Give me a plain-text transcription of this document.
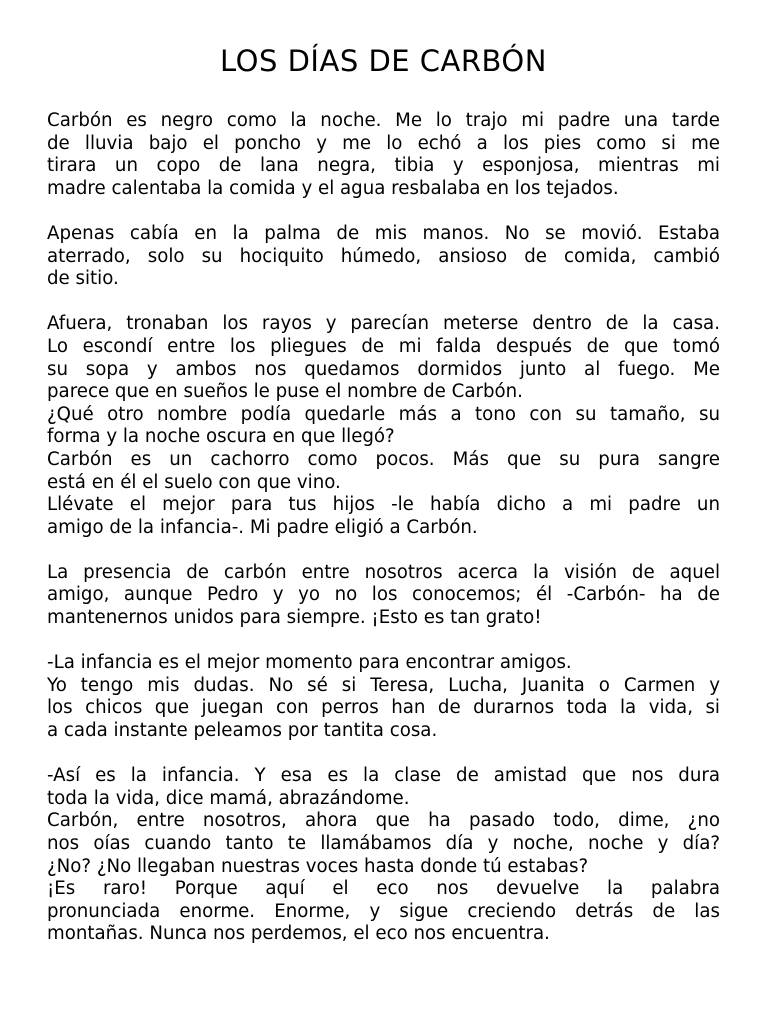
LOS DÍAS DE CARBÓN
Carbón es negro como la noche. Me lo trajo mi padre una tarde
de lluvia bajo el poncho y me lo echó a los pies como si me
tirara un copo de lana negra, tibia y esponjosa, mientras mi
madre calentaba la comida y el agua resbalaba en los tejados.
Apenas cabía en la palma de mis manos. No se movió. Estaba
aterrado, solo su hociquito húmedo, ansioso de comida, cambió
de sitio.
Afuera, tronaban los rayos y parecían meterse dentro de la casa.
Lo escondí entre los pliegues de mi falda después de que tomó
su sopa y ambos nos quedamos dormidos junto al fuego. Me
parece que en sueños le puse el nombre de Carbón.
¿Qué otro nombre podía quedarle más a tono con su tamaño, su
forma y la noche oscura en que llegó?
Carbón es un cachorro como pocos. Más que su pura sangre
está en él el suelo con que vino.
Llévate el mejor para tus hijos -le había dicho a mi padre un
amigo de la infancia-. Mi padre eligió a Carbón.
La presencia de carbón entre nosotros acerca la visión de aquel
amigo, aunque Pedro y yo no los conocemos; él -Carbón- ha de
mantenernos unidos para siempre. ¡Esto es tan grato!
-La infancia es el mejor momento para encontrar amigos.
Yo tengo mis dudas. No sé si Teresa, Lucha, Juanita o Carmen y
los chicos que juegan con perros han de durarnos toda la vida, si
a cada instante peleamos por tantita cosa.
-Así es la infancia. Y esa es la clase de amistad que nos dura
toda la vida, dice mamá, abrazándome.
Carbón, entre nosotros, ahora que ha pasado todo, dime, ¿no
nos oías cuando tanto te llamábamos día y noche, noche y día?
¿No? ¿No llegaban nuestras voces hasta donde tú estabas?
¡Es raro! Porque aquí el eco nos devuelve la palabra
pronunciada enorme. Enorme, y sigue creciendo detrás de las
montañas. Nunca nos perdemos, el eco nos encuentra.
